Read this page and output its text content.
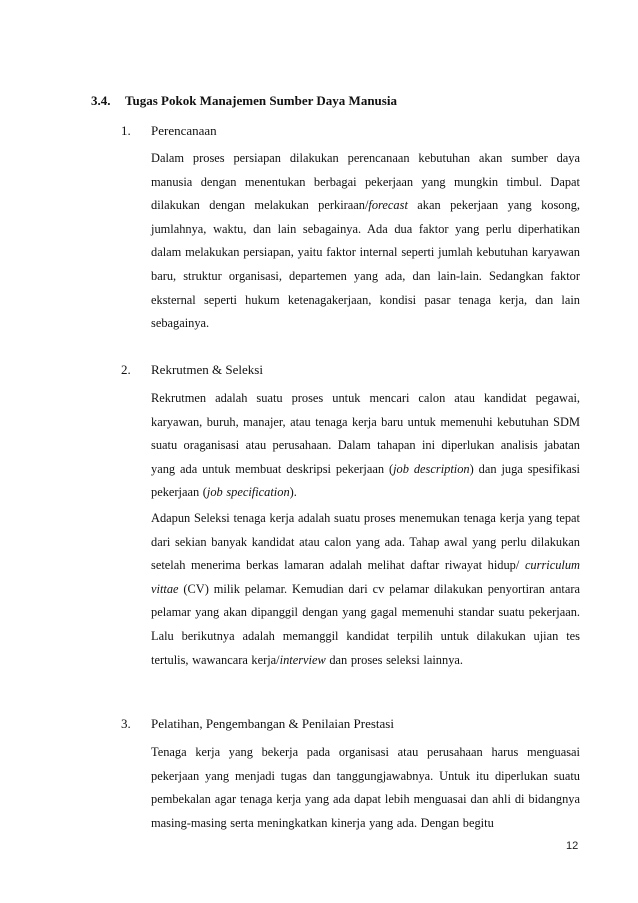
3.4. Tugas Pokok Manajemen Sumber Daya Manusia
1. Perencanaan

Dalam proses persiapan dilakukan perencanaan kebutuhan akan sumber daya manusia dengan menentukan berbagai pekerjaan yang mungkin timbul. Dapat dilakukan dengan melakukan perkiraan/forecast akan pekerjaan yang kosong, jumlahnya, waktu, dan lain sebagainya. Ada dua faktor yang perlu diperhatikan dalam melakukan persiapan, yaitu faktor internal seperti jumlah kebutuhan karyawan baru, struktur organisasi, departemen yang ada, dan lain-lain. Sedangkan faktor eksternal seperti hukum ketenagakerjaan, kondisi pasar tenaga kerja, dan lain sebagainya.

2. Rekrutmen & Seleksi

Rekrutmen adalah suatu proses untuk mencari calon atau kandidat pegawai, karyawan, buruh, manajer, atau tenaga kerja baru untuk memenuhi kebutuhan SDM suatu oraganisasi atau perusahaan. Dalam tahapan ini diperlukan analisis jabatan yang ada untuk membuat deskripsi pekerjaan (job description) dan juga spesifikasi pekerjaan (job specification).

Adapun Seleksi tenaga kerja adalah suatu proses menemukan tenaga kerja yang tepat dari sekian banyak kandidat atau calon yang ada. Tahap awal yang perlu dilakukan setelah menerima berkas lamaran adalah melihat daftar riwayat hidup/ curriculum vittae (CV) milik pelamar. Kemudian dari cv pelamar dilakukan penyortiran antara pelamar yang akan dipanggil dengan yang gagal memenuhi standar suatu pekerjaan. Lalu berikutnya adalah memanggil kandidat terpilih untuk dilakukan ujian tes tertulis, wawancara kerja/interview dan proses seleksi lainnya.

3. Pelatihan, Pengembangan & Penilaian Prestasi

Tenaga kerja yang bekerja pada organisasi atau perusahaan harus menguasai pekerjaan yang menjadi tugas dan tanggungjawabnya. Untuk itu diperlukan suatu pembekalan agar tenaga kerja yang ada dapat lebih menguasai dan ahli di bidangnya masing-masing serta meningkatkan kinerja yang ada. Dengan begitu

12
